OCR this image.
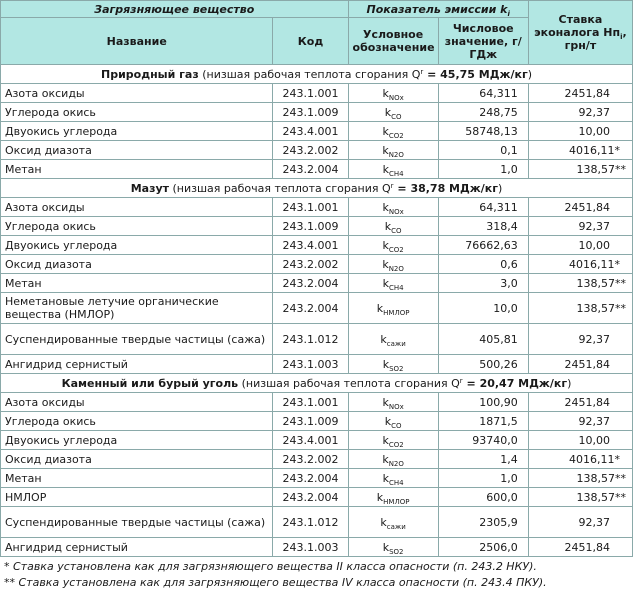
Загрязняющее вещество		Показатель эмиссии $k_i$		Ставка эконалога $Нп_i$, грн/т
Название	Код	Условное обозначение	Числовое значение, г/ГДж	
Природный газ (низшая рабочая теплота сгорания $Q^r = 45,75$ МДж/кг)				
Азота оксиды	243.1.001	$k_{NOx}$	64,311	2451,84
Углерода окись	243.1.009	$k_{CO}$	248,75	92,37
Двуокись углерода	243.4.001	$k_{CO2}$	58748,13	10,00
Оксид диазота	243.2.002	$k_{N2O}$	0,1	4016,11*
Метан	243.2.004	$k_{CH4}$	1,0	138,57**
Мазут (низшая рабочая теплота сгорания $Q^r = 38,78$ МДж/кг)				
Азота оксиды	243.1.001	$k_{NOx}$	64,311	2451,84
Углерода окись	243.1.009	$k_{CO}$	318,4	92,37
Двуокись углерода	243.4.001	$k_{CO2}$	76662,63	10,00
Оксид диазота	243.2.002	$k_{N2O}$	0,6	4016,11*
Метан	243.2.004	$k_{CH4}$	3,0	138,57**
Неметановые летучие органические вещества (НМЛОР)	243.2.004	$k_{НМЛОР}$	10,0	138,57**
Суспендированные твердые частицы (сажа)	243.1.012	$k_{сажи}$	405,81	92,37
Ангидрид сернистый	243.1.003	$k_{SO2}$	500,26	2451,84
Каменный или бурый уголь (низшая рабочая теплота сгорания $Q^r = 20,47$ МДж/кг)				
Азота оксиды	243.1.001	$k_{NOx}$	100,90	2451,84
Углерода окись	243.1.009	$k_{CO}$	1871,5	92,37
Двуокись углерода	243.4.001	$k_{CO2}$	93740,0	10,00
Оксид диазота	243.2.002	$k_{N2O}$	1,4	4016,11*
Метан	243.2.004	$k_{CH4}$	1,0	138,57**
НМЛОР	243.2.004	$k_{НМЛОР}$	600,0	138,57**
Суспендированные твердые частицы (сажа)	243.1.012	$k_{сажи}$	2305,9	92,37
Ангидрид сернистый	243.1.003	$k_{SO2}$	2506,0	2451,84
* Ставка установлена как для загрязняющего вещества II класса опасности (п. 243.2 НКУ).
** Ставка установлена как для загрязняющего вещества IV класса опасности (п. 243.4 ПКУ).
